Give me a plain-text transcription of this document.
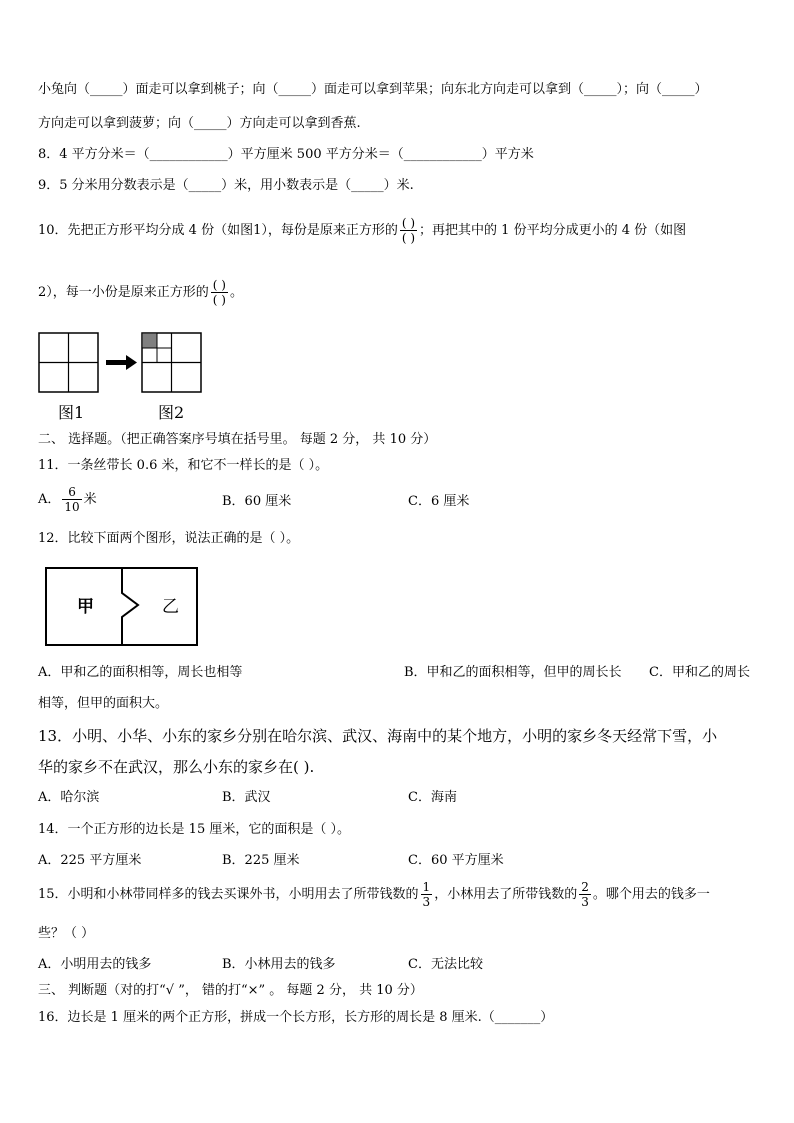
小兔向（_____）面走可以拿到桃子；向（_____）面走可以拿到苹果；向东北方向走可以拿到（_____）；向（_____）
方向走可以拿到菠萝；向（_____）方向走可以拿到香蕉.
8．4 平方分米＝（____________）平方厘米 500 平方分米＝（____________）平方米
9．5 分米用分数表示是（_____）米，用小数表示是（_____）米.
10．先把正方形平均分成 4 份（如图1），每份是原来正方形的 $\frac{( )}{( )}$ ；再把其中的 1 份平均分成更小的 4 份（如图
2），每一小份是原来正方形的 $\frac{( )}{( )}$ 。
图1	图2
二、 选择题。（把正确答案序号填在括号里。 每题 2 分， 共 10 分）
11．一条丝带长 0.6 米，和它不一样长的是（ ）。
A． $\frac{6}{10}$ 米	B．60 厘米	C．6 厘米
12．比较下面两个图形，说法正确的是（ ）。
甲	乙
A．甲和乙的面积相等，周长也相等	B．甲和乙的面积相等，但甲的周长长 C．甲和乙的周长
相等，但甲的面积大。
13．小明、小华、小东的家乡分别在哈尔滨、武汉、海南中的某个地方，小明的家乡冬天经常下雪，小
华的家乡不在武汉，那么小东的家乡在( ).
A．哈尔滨	B．武汉	C．海南
14．一个正方形的边长是 15 厘米，它的面积是（ ）。
A．225 平方厘米	B．225 厘米	C．60 平方厘米
15．小明和小林带同样多的钱去买课外书，小明用去了所带钱数的 $\frac{1}{3}$ ，小林用去了所带钱数的 $\frac{2}{3}$ 。哪个用去的钱多一
些？（ ）
A．小明用去的钱多	B．小林用去的钱多	C．无法比较
三、 判断题（对的打“√ ”， 错的打“×” 。 每题 2 分， 共 10 分）
16．边长是 1 厘米的两个正方形，拼成一个长方形，长方形的周长是 8 厘米.（_______）
